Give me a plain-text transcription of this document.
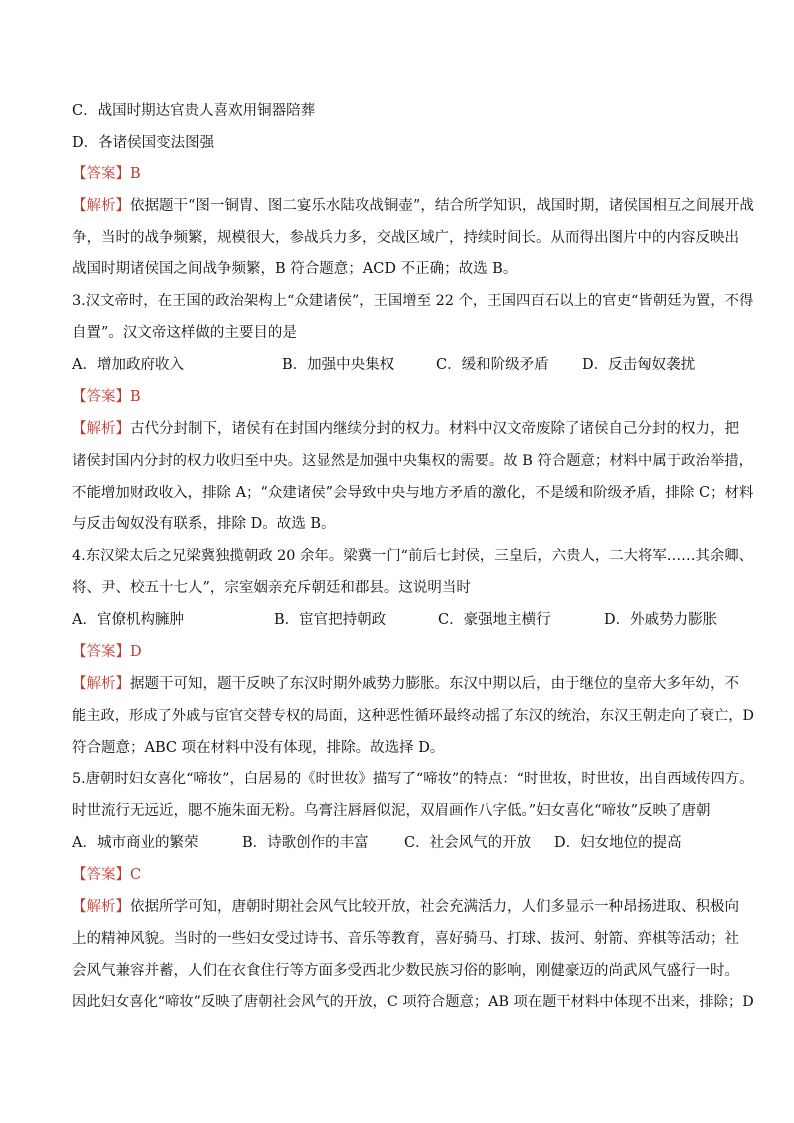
C．战国时期达官贵人喜欢用铜器陪葬
D．各诸侯国变法图强
【答案】B
【解析】依据题干“图一铜胄、图二宴乐水陆攻战铜壶”，结合所学知识，战国时期，诸侯国相互之间展开战
争，当时的战争频繁，规模很大，参战兵力多，交战区域广，持续时间长。从而得出图片中的内容反映出
战国时期诸侯国之间战争频繁，B 符合题意；ACD 不正确；故选 B。
3.汉文帝时，在王国的政治架构上“众建诸侯”，王国增至 22 个，王国四百石以上的官吏“皆朝廷为置，不得
自置”。汉文帝这样做的主要目的是
A．增加政府收入	B．加强中央集权	C．缓和阶级矛盾 D．反击匈奴袭扰
【答案】B
【解析】古代分封制下，诸侯有在封国内继续分封的权力。材料中汉文帝废除了诸侯自己分封的权力，把
诸侯封国内分封的权力收归至中央。这显然是加强中央集权的需要。故 B 符合题意；材料中属于政治举措，
不能增加财政收入，排除 A；“众建诸侯”会导致中央与地方矛盾的激化，不是缓和阶级矛盾，排除 C；材料
与反击匈奴没有联系，排除 D。故选 B。
4.东汉梁太后之兄梁冀独揽朝政 20 余年。梁冀一门“前后七封侯，三皇后，六贵人，二大将军……其余卿、
将、尹、校五十七人”，宗室姻亲充斥朝廷和郡县。这说明当时
A．官僚机构臃肿	B．宦官把持朝政	C．豪强地主横行	D．外戚势力膨胀
【答案】D
【解析】据题干可知，题干反映了东汉时期外戚势力膨胀。东汉中期以后，由于继位的皇帝大多年幼，不
能主政，形成了外戚与宦官交替专权的局面，这种恶性循环最终动摇了东汉的统治，东汉王朝走向了衰亡，D
符合题意；ABC 项在材料中没有体现，排除。故选择 D。
5.唐朝时妇女喜化“啼妆”，白居易的《时世妆》描写了“啼妆”的特点：“时世妆，时世妆，出自西域传四方。
时世流行无远近，腮不施朱面无粉。乌膏注唇唇似泥，双眉画作八字低。”妇女喜化“啼妆”反映了唐朝
A．城市商业的繁荣	B．诗歌创作的丰富 C．社会风气的开放 D．妇女地位的提高
【答案】C
【解析】依据所学可知，唐朝时期社会风气比较开放，社会充满活力，人们多显示一种昂扬进取、积极向
上的精神风貌。当时的一些妇女受过诗书、音乐等教育，喜好骑马、打球、拔河、射箭、弈棋等活动；社
会风气兼容并蓄，人们在衣食住行等方面多受西北少数民族习俗的影响，刚健豪迈的尚武风气盛行一时。
因此妇女喜化“啼妆”反映了唐朝社会风气的开放，C 项符合题意；AB 项在题干材料中体现不出来，排除；D
